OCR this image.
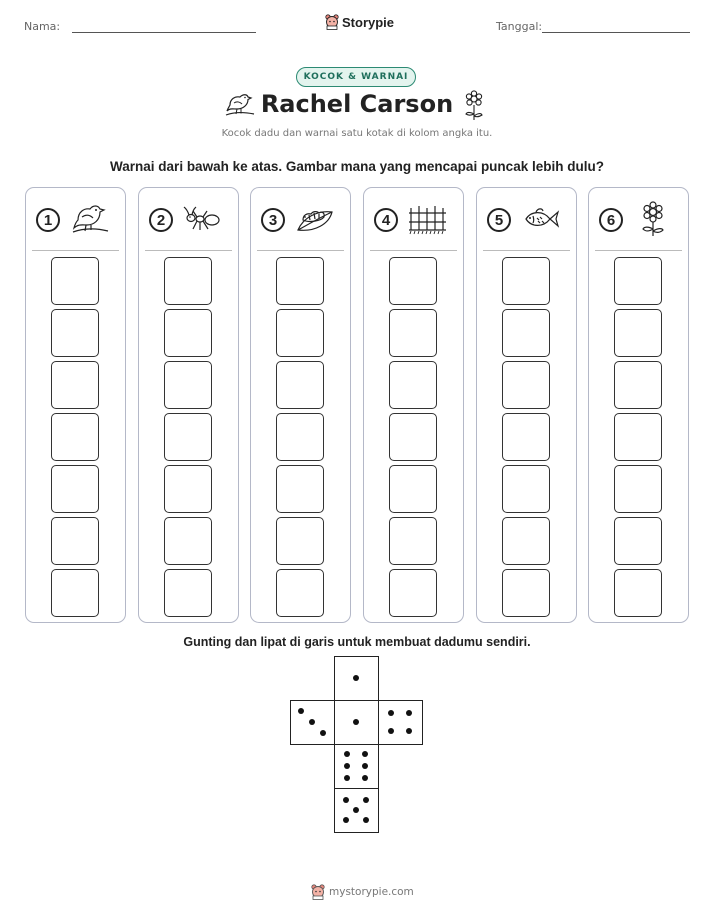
Nama:	Storypie	Tanggal:
KOCOK & WARNAI
Rachel Carson
Kocok dadu dan warnai satu kotak di kolom angka itu.
Warnai dari bawah ke atas. Gambar mana yang mencapai puncak lebih dulu?
1	2	3	4	5	6
Gunting dan lipat di garis untuk membuat dadumu sendiri.
mystorypie.com
